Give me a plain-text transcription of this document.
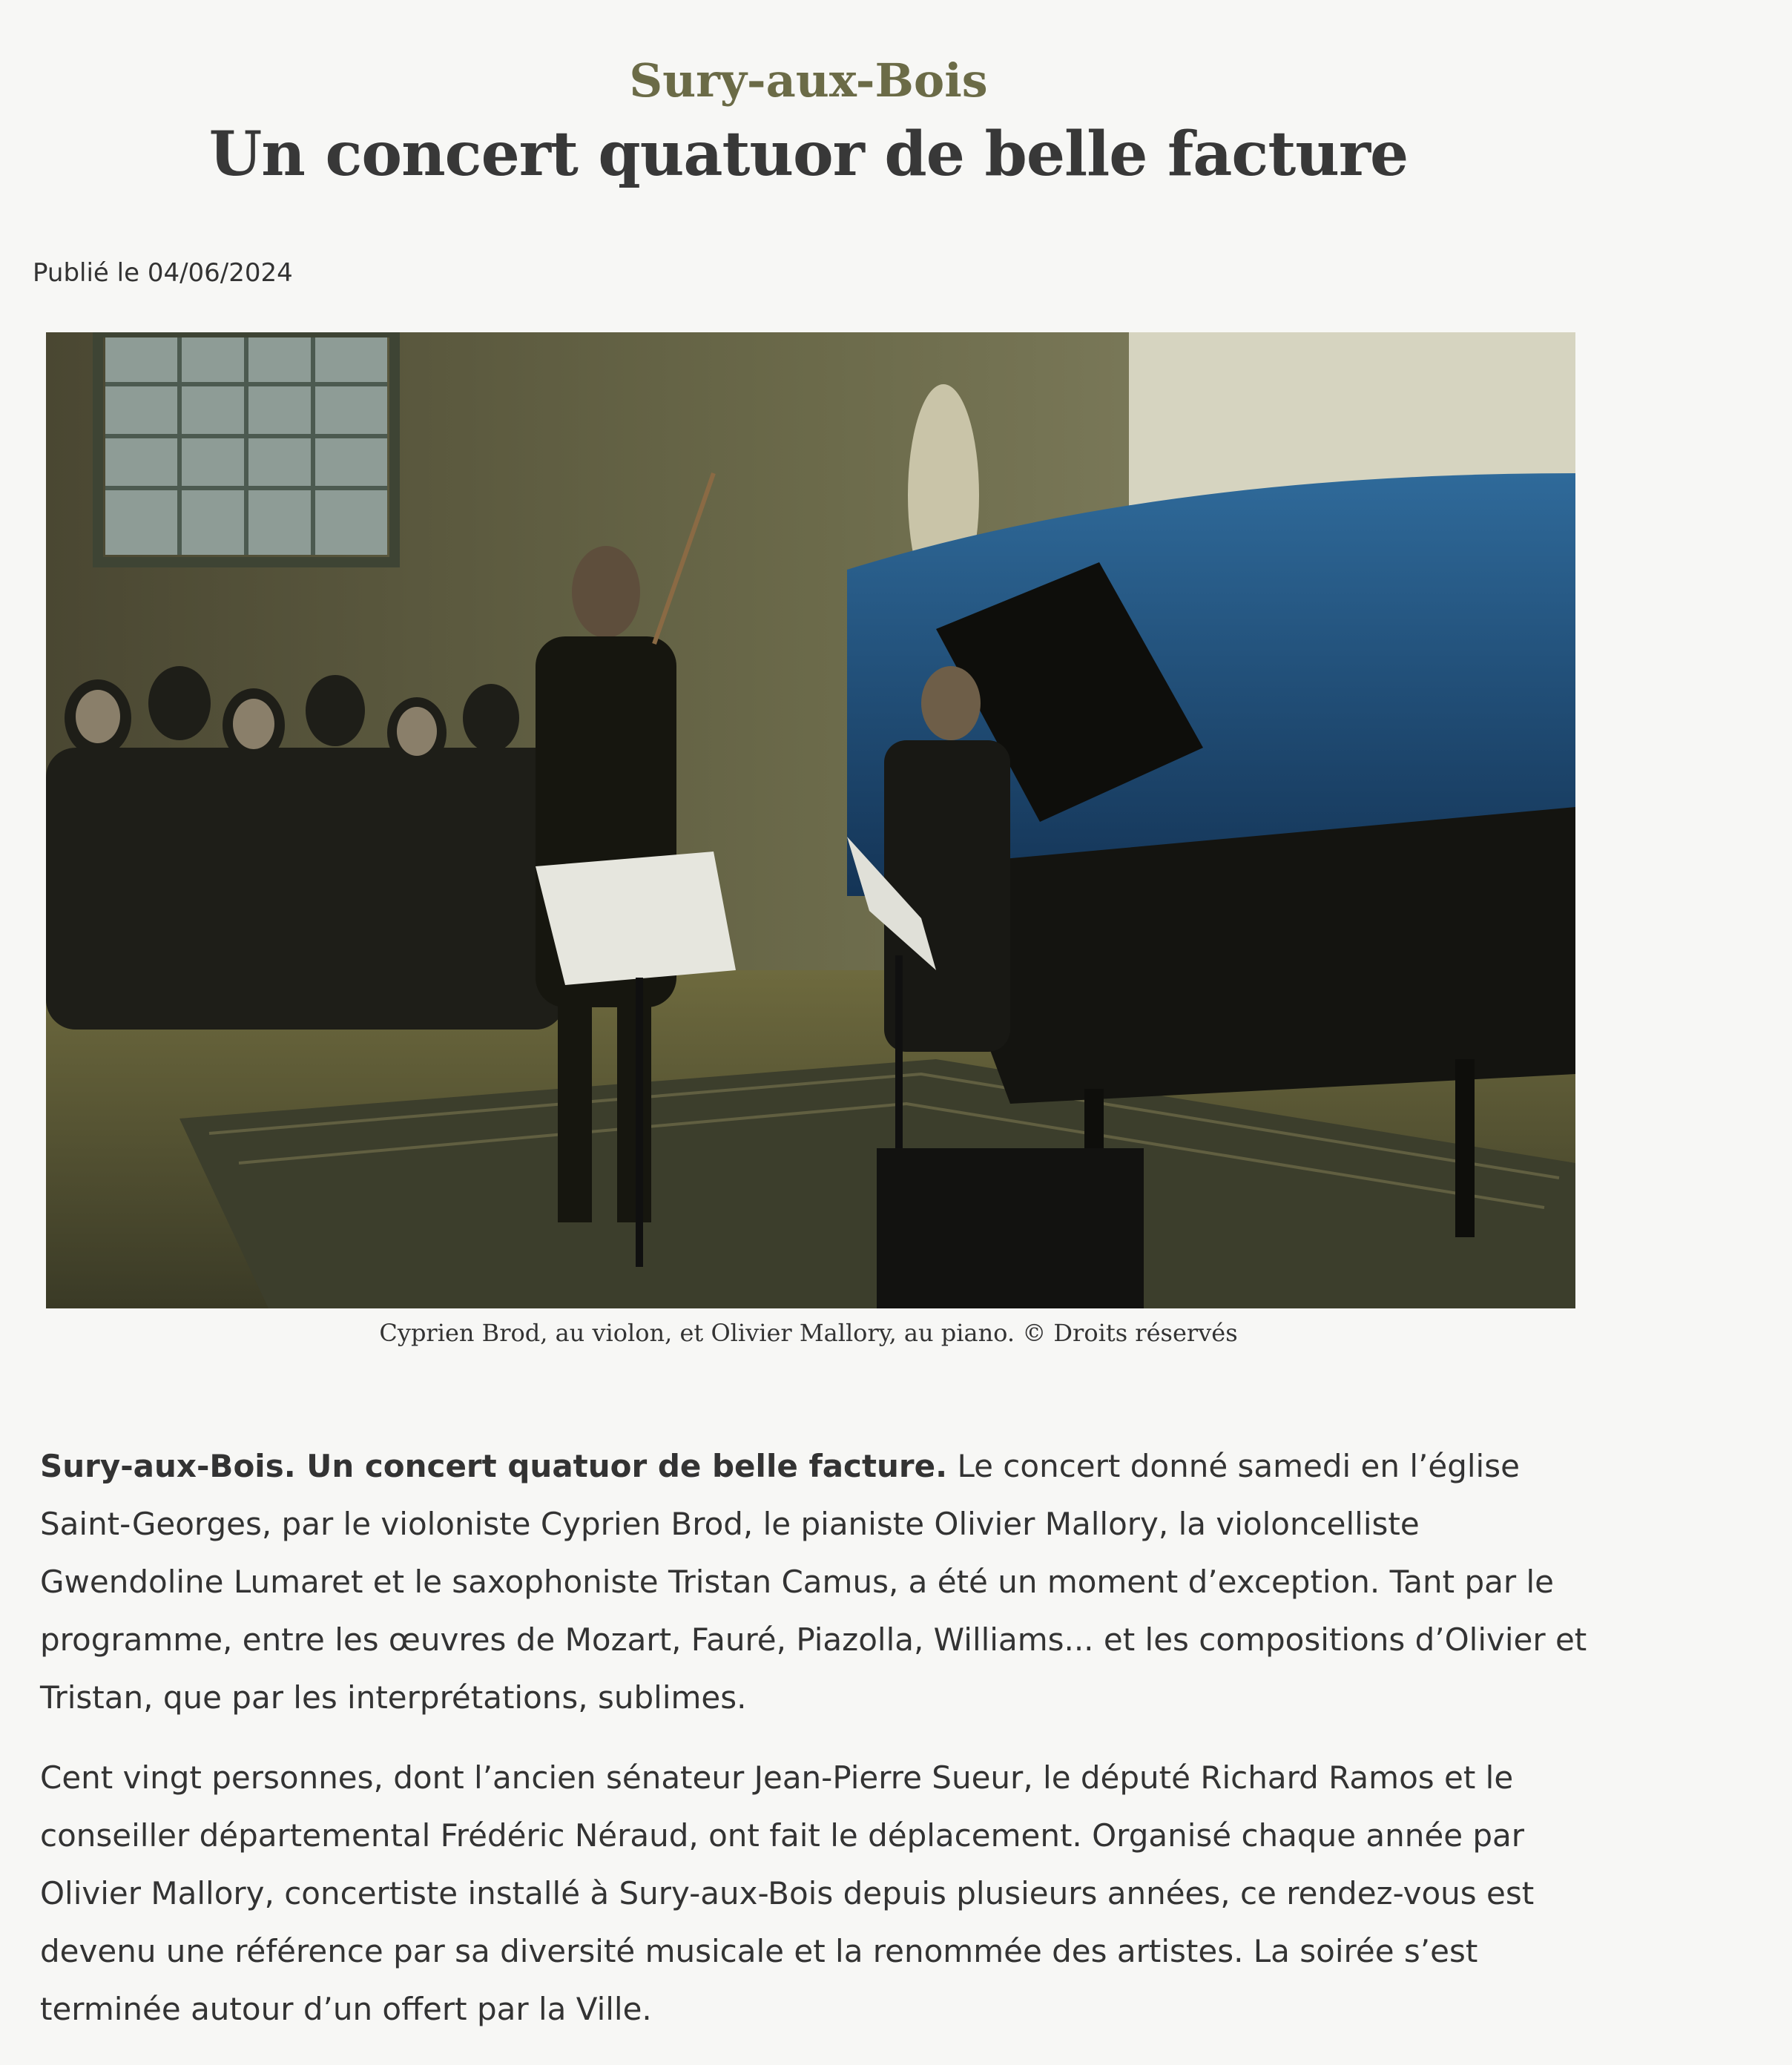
Sury-aux-Bois
Un concert quatuor de belle facture
Publié le 04/06/2024
Cyprien Brod, au violon, et Olivier Mallory, au piano. © Droits réservés

Sury-aux-Bois. Un concert quatuor de belle facture. Le concert donné samedi en l’église Saint-Georges, par le violoniste Cyprien Brod, le pianiste Olivier Mallory, la violoncelliste Gwendoline Lumaret et le saxophoniste Tristan Camus, a été un moment d’exception. Tant par le programme, entre les œuvres de Mozart, Fauré, Piazolla, Williams... et les compositions d’Olivier et Tristan, que par les interprétations, sublimes.

Cent vingt personnes, dont l’ancien sénateur Jean-Pierre Sueur, le député Richard Ramos et le conseiller départemental Frédéric Néraud, ont fait le déplacement. Organisé chaque année par Olivier Mallory, concertiste installé à Sury-aux-Bois depuis plusieurs années, ce rendez-vous est devenu une référence par sa diversité musicale et la renommée des artistes. La soirée s’est terminée autour d’un offert par la Ville.
